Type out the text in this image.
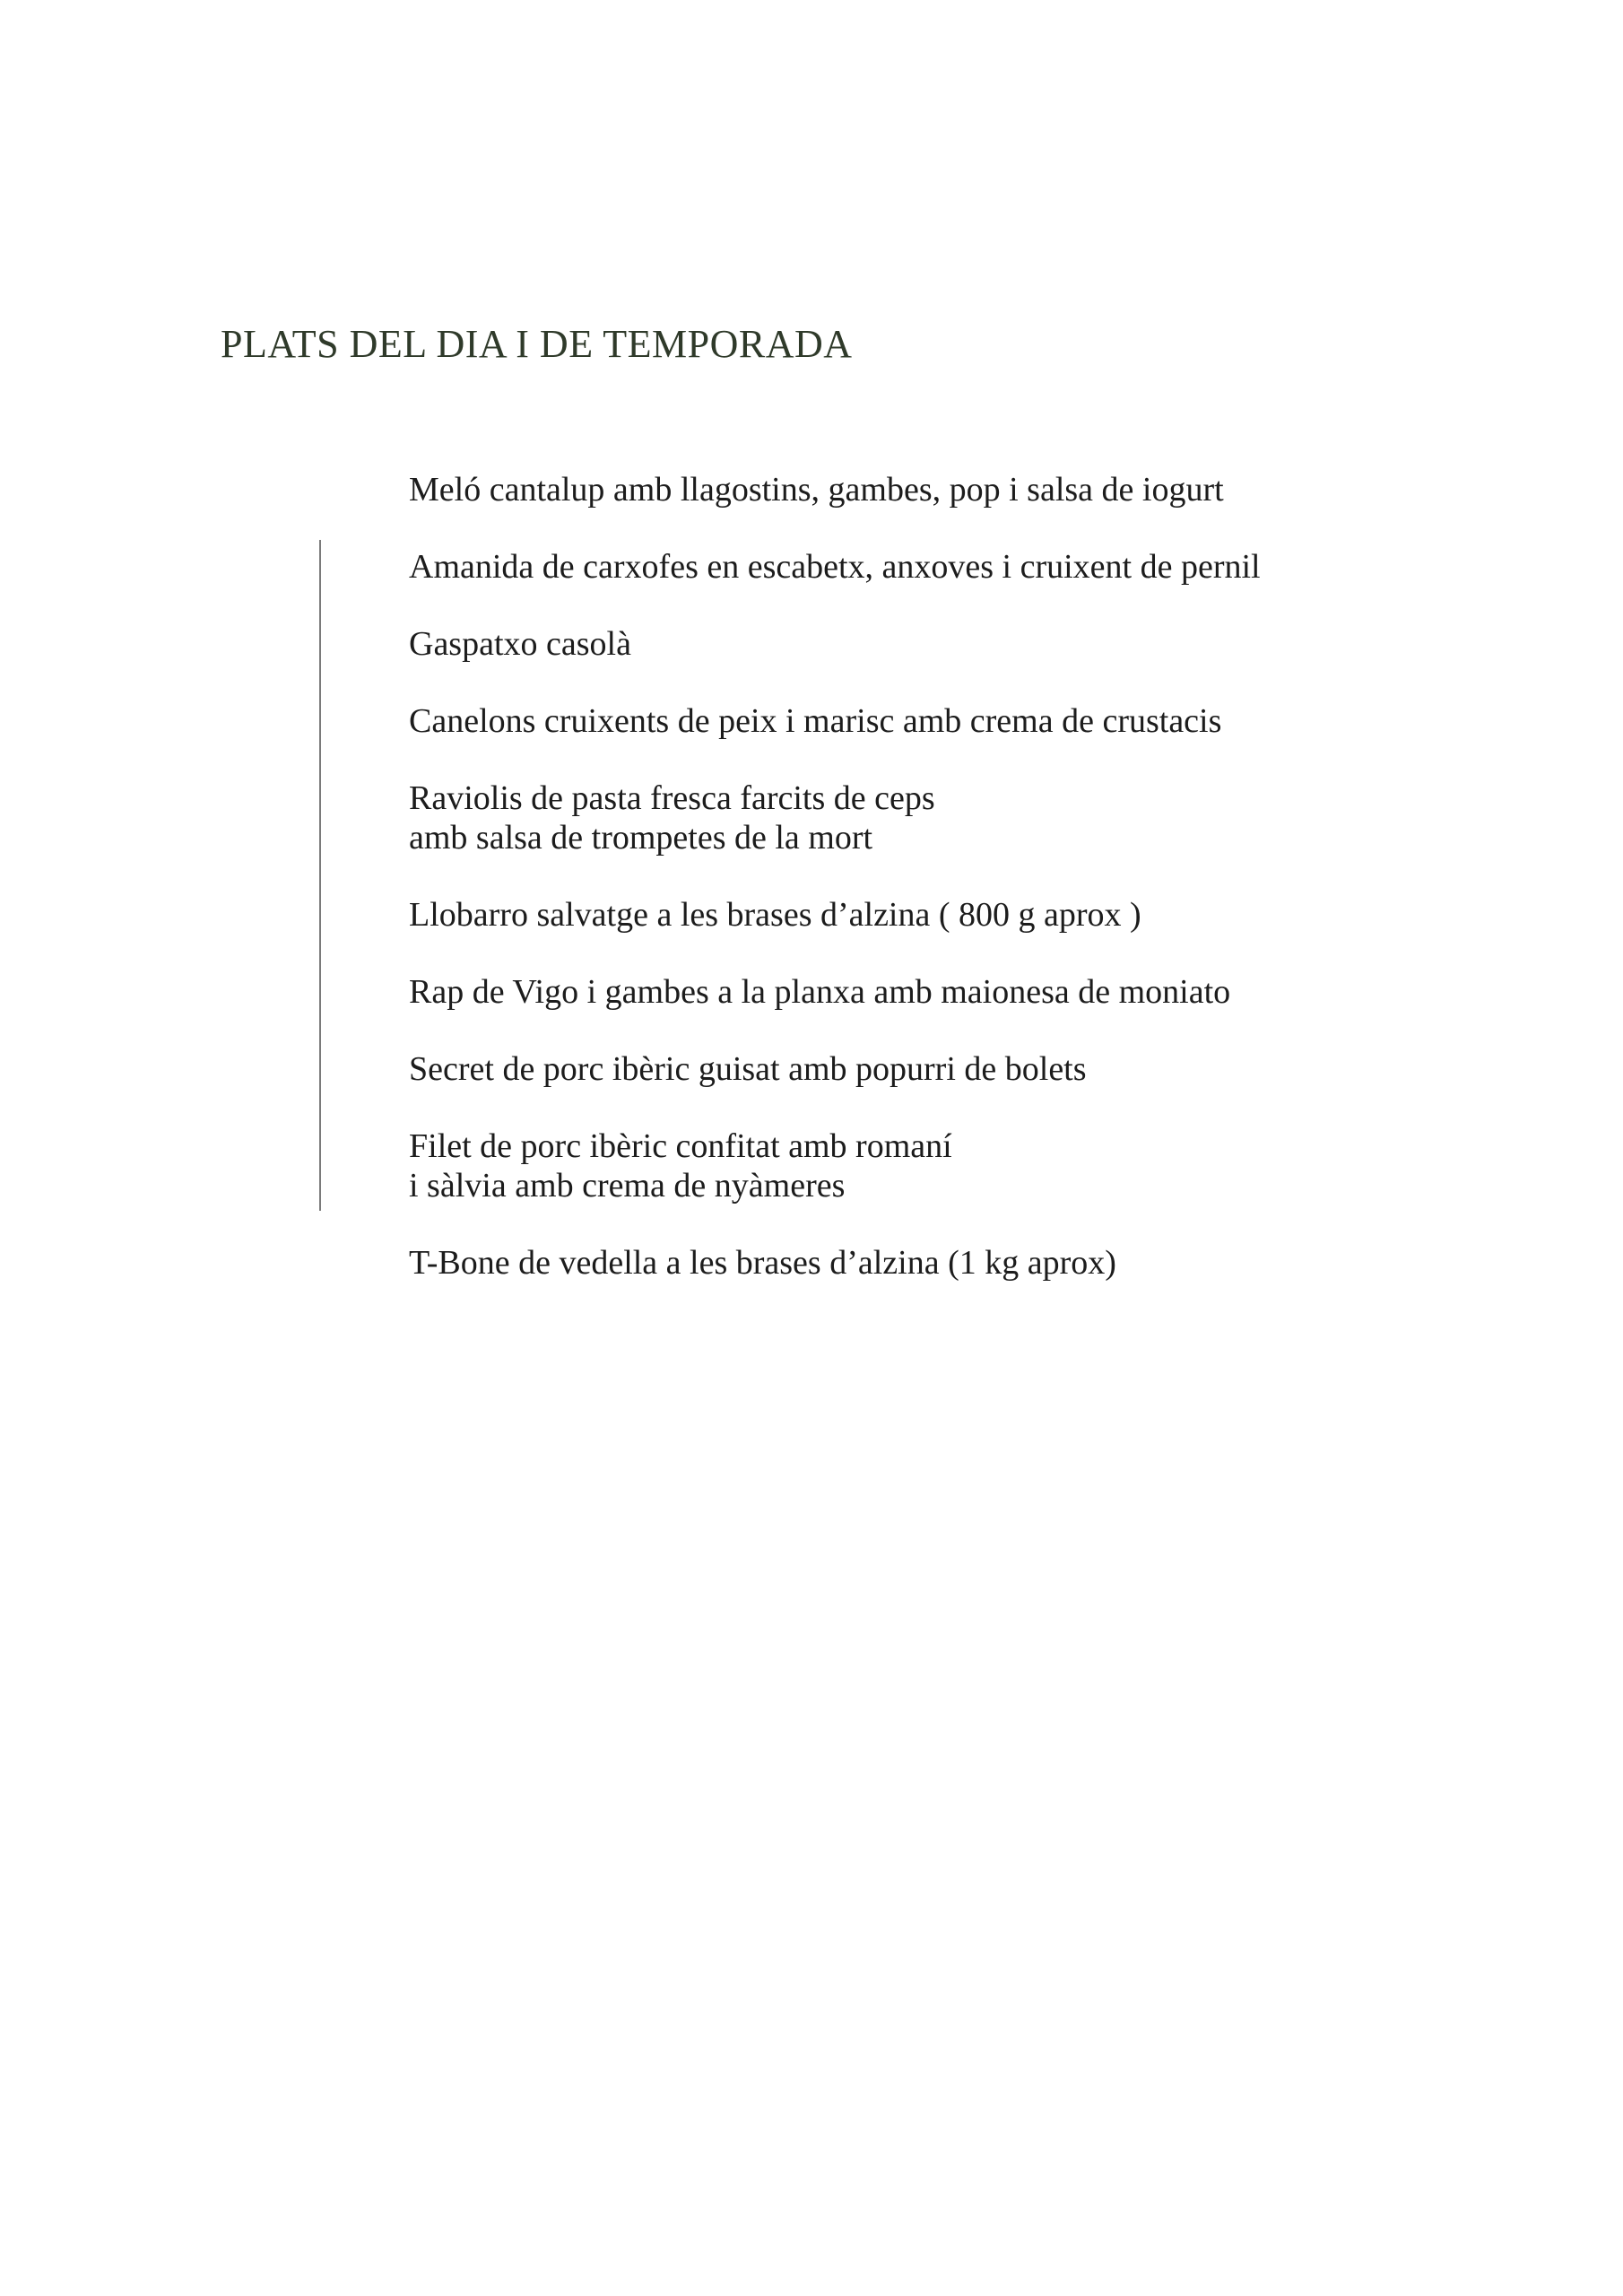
PLATS DEL DIA I DE TEMPORADA
Meló cantalup amb llagostins, gambes, pop i salsa de iogurt
Amanida de carxofes en escabetx, anxoves i cruixent de pernil
Gaspatxo casolà
Canelons cruixents de peix i marisc amb crema de crustacis
Raviolis de pasta fresca farcits de ceps
amb salsa de trompetes de la mort
Llobarro salvatge a les brases d’alzina ( 800 g aprox )
Rap de Vigo i gambes a la planxa amb maionesa de moniato
Secret de porc ibèric guisat amb popurri de bolets
Filet de porc ibèric confitat amb romaní
i sàlvia amb crema de nyàmeres
T-Bone de vedella a les brases d’alzina (1 kg aprox)
